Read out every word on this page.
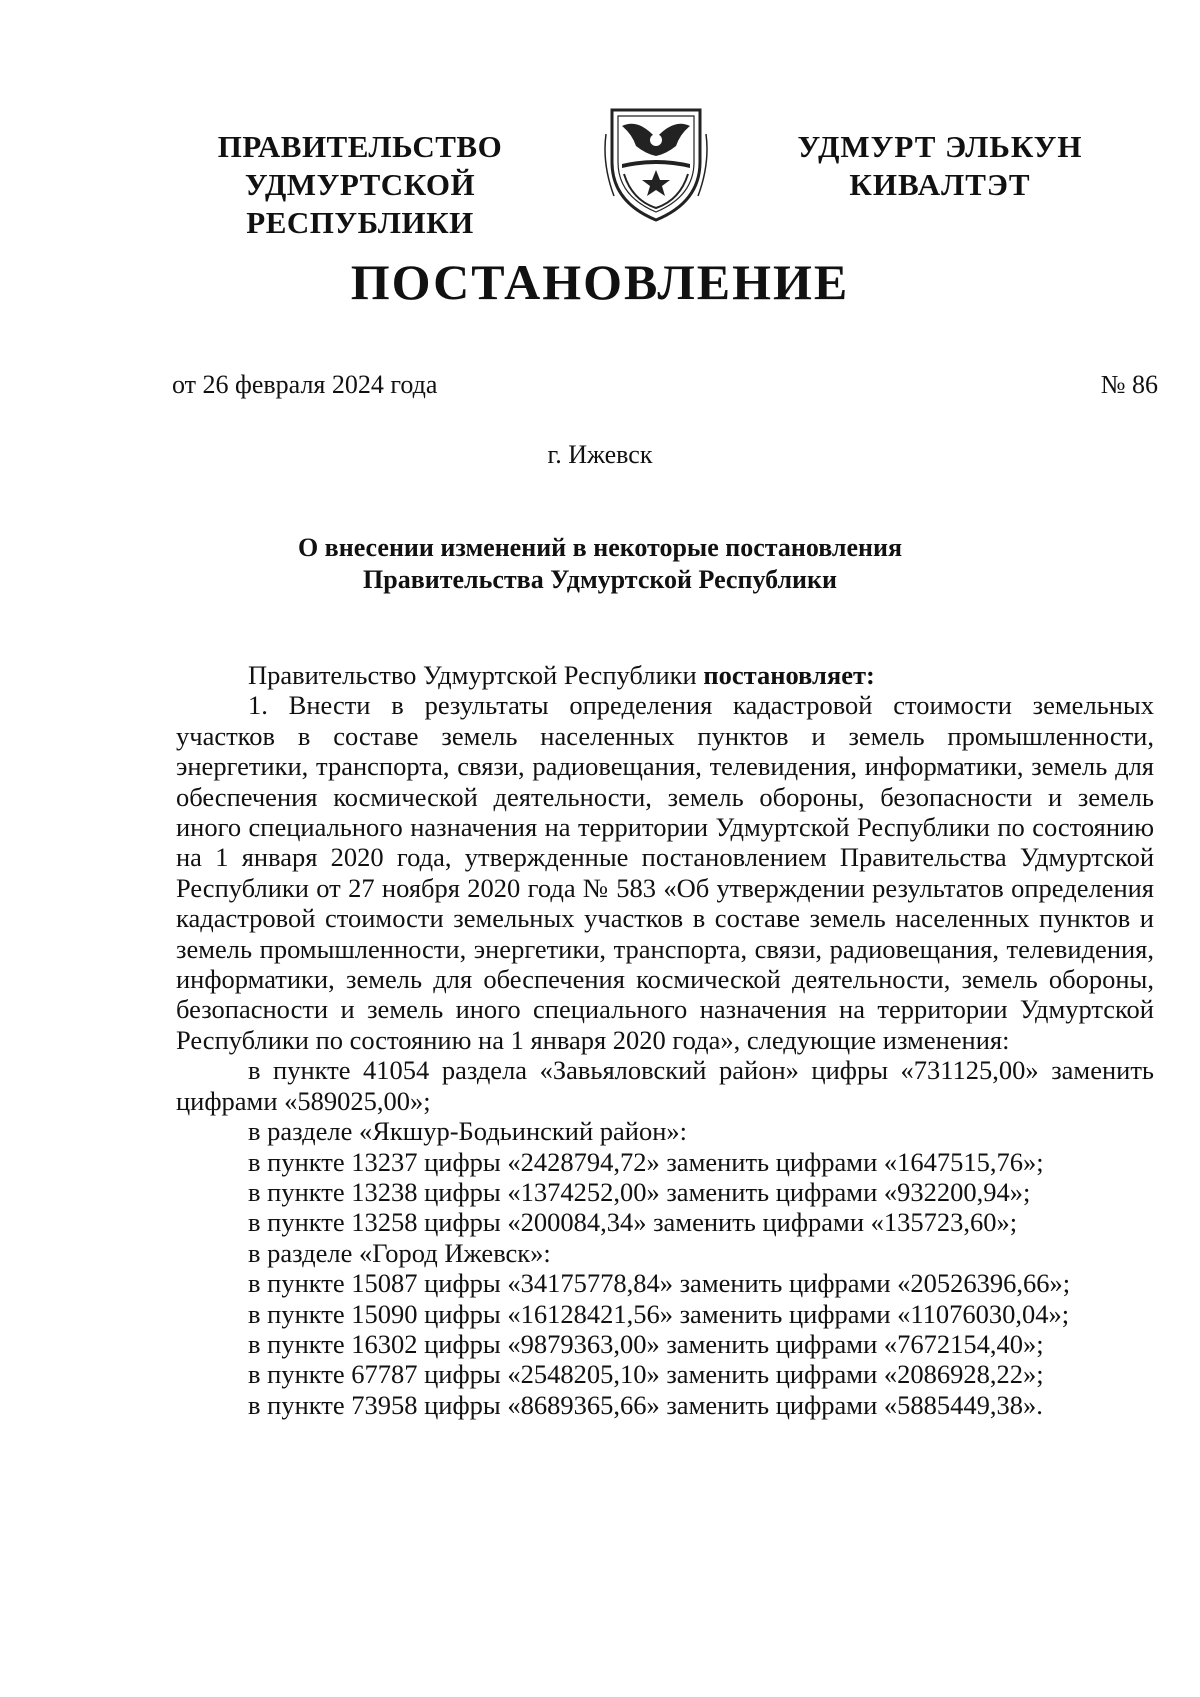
ПРАВИТЕЛЬСТВО
УДМУРТСКОЙ РЕСПУБЛИКИ
УДМУРТ ЭЛЬКУН
КИВАЛТЭТ
ПОСТАНОВЛЕНИЕ
от 26 февраля 2024 года	№ 86
г. Ижевск
О внесении изменений в некоторые постановления
Правительства Удмуртской Республики

Правительство Удмуртской Республики постановляет:

1. Внести в результаты определения кадастровой стоимости земельных участков в составе земель населенных пунктов и земель промышленности, энергетики, транспорта, связи, радиовещания, телевидения, информатики, земель для обеспечения космической деятельности, земель обороны, безопасности и земель иного специального назначения на территории Удмуртской Республики по состоянию на 1 января 2020 года, утвержденные постановлением Правительства Удмуртской Республики от 27 ноября 2020 года № 583 «Об утверждении результатов определения кадастровой стоимости земельных участков в составе земель населенных пунктов и земель промышленности, энергетики, транспорта, связи, радиовещания, телевидения, информатики, земель для обеспечения космической деятельности, земель обороны, безопасности и земель иного специального назначения на территории Удмуртской Республики по состоянию на 1 января 2020 года», следующие изменения:

в пункте 41054 раздела «Завьяловский район» цифры «731125,00» заменить цифрами «589025,00»;

в разделе «Якшур-Бодьинский район»:

в пункте 13237 цифры «2428794,72» заменить цифрами «1647515,76»;

в пункте 13238 цифры «1374252,00» заменить цифрами «932200,94»;

в пункте 13258 цифры «200084,34» заменить цифрами «135723,60»;

в разделе «Город Ижевск»:

в пункте 15087 цифры «34175778,84» заменить цифрами «20526396,66»;

в пункте 15090 цифры «16128421,56» заменить цифрами «11076030,04»;

в пункте 16302 цифры «9879363,00» заменить цифрами «7672154,40»;

в пункте 67787 цифры «2548205,10» заменить цифрами «2086928,22»;

в пункте 73958 цифры «8689365,66» заменить цифрами «5885449,38».
